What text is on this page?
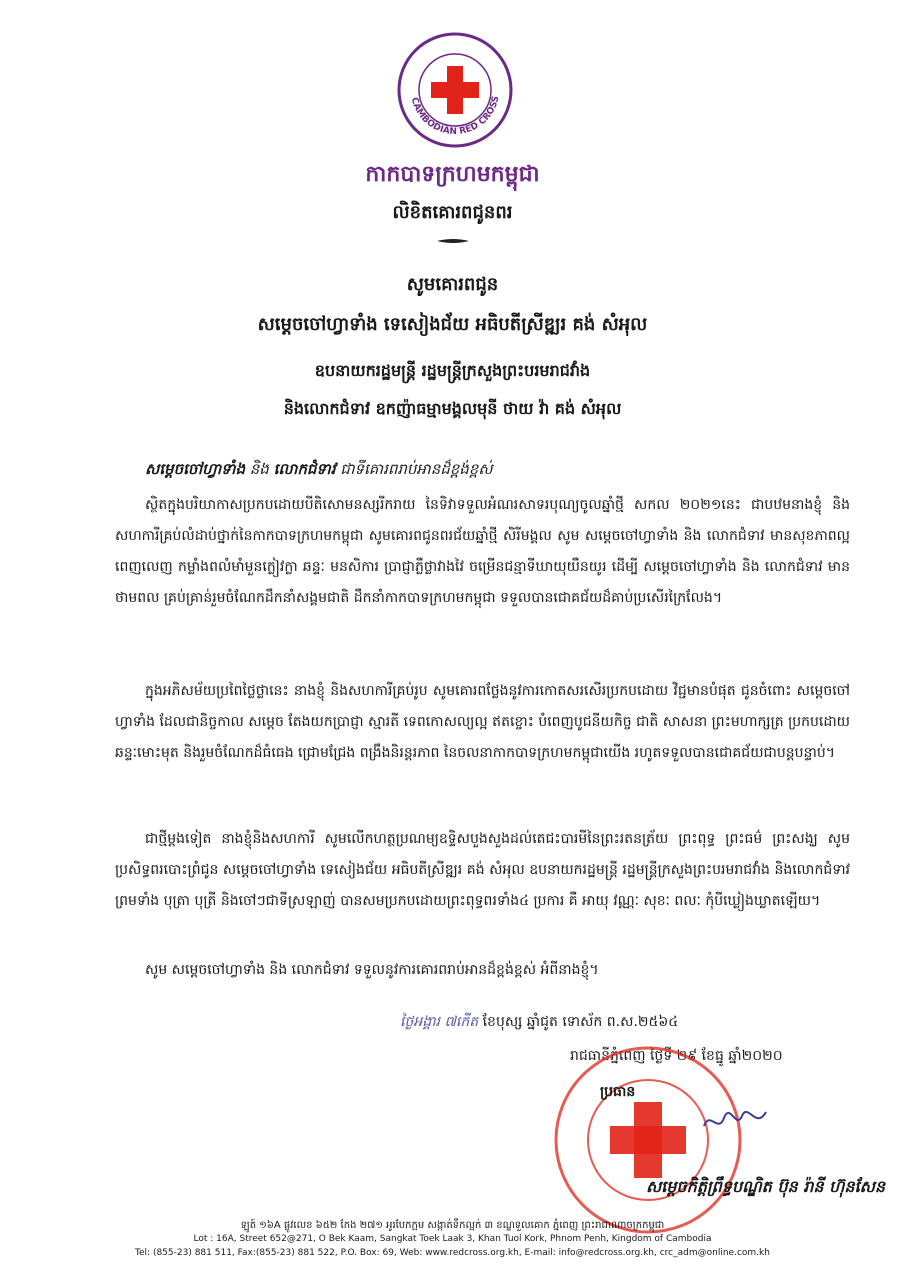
CAMBODIAN RED CROSS
កាកបាទក្រហមកម្ពុជា
លិខិតគោរពជូនពរ
សូមគោរពជូន
សម្តេចចៅហ្វាទាំង ទេសៀងជ័យ អធិបតីស្រីឌ្ឍរ គង់ សំអុល
ឧបនាយករដ្ឋមន្ត្រី រដ្ឋមន្ត្រីក្រសួងព្រះបរមរាជវាំង
និងលោកជំទាវ ឧកញ៉ាធម្មាមង្គលមុនី ថាយ វ៉ា គង់ សំអុល
សម្តេចចៅហ្វាទាំង និង លោកជំទាវ ជាទីគោរពរាប់អានដ៏ខ្ពង់ខ្ពស់

ស្ថិតក្នុងបរិយាកាសប្រកបដោយបីតិសោមនស្សរីករាយ នៃទិវាទទួលអំណរសាទរបុណ្យចូលឆ្នាំថ្មី សកល ២០២១នេះ ជាបឋមនាងខ្ញុំ និងសហការីគ្រប់លំដាប់ថ្នាក់នៃកាកបាទក្រហមកម្ពុជា សូមគោរពជូនពរជ័យឆ្នាំថ្មី សិរីមង្គល សូម សម្តេចចៅហ្វាទាំង និង លោកជំទាវ មានសុខភាពល្អពេញលេញ កម្លាំងពលំមាំមួនក្លៀវក្លា ឆន្ទៈ មនសិការ ប្រាជ្ញាភ្លឺថ្លាវាងវៃ ចម្រើនជន្មាទីឃាយុយឺនយូរ ដើម្បី សម្តេចចៅហ្វាទាំង និង លោកជំទាវ មានថាមពល គ្រប់គ្រាន់រួមចំណែកដឹកនាំសង្គមជាតិ ដឹកនាំកាកបាទក្រហមកម្ពុជា ទទួលបានជោគជ័យដ៏គាប់ប្រសើរក្រៃលែង។

ក្នុងអភិសម័យប្រពៃថ្លៃថ្លានេះ នាងខ្ញុំ និងសហការីគ្រប់រូប សូមគោរពថ្លែងនូវការកោតសរសើរប្រកបដោយ វិជ្ជមានបំផុត ជូនចំពោះ សម្តេចចៅហ្វាទាំង ដែលជានិច្ចកាល សម្តេច តែងយកប្រាជ្ញា ស្មារតី ទេពកោសល្យល្អ ឥតខ្ចោះ បំពេញបូជនីយកិច្ច ជាតិ សាសនា ព្រះមហាក្សត្រ ប្រកបដោយឆន្ទៈមោះមុត និងរួមចំណែកដ៏ធំធេង ជ្រោមជ្រែង ពង្រឹងនិរន្តរភាព នៃចលនាកាកបាទក្រហមកម្ពុជាយើង រហូតទទួលបានជោគជ័យជាបន្តបន្ទាប់។

ជាថ្មីម្តងទៀត នាងខ្ញុំនិងសហការី សូមលើកហត្ថប្រណម្យឧទ្ទិសបួងសួងដល់តេជះបារមីនៃព្រះរតនត្រ័យ ព្រះពុទ្ធ ព្រះធម៌ ព្រះសង្ឃ សូមប្រសិទ្ធពរបោះព្រំជូន សម្តេចចៅហ្វាទាំង ទេសៀងជ័យ អធិបតីស្រីឌ្ឍរ គង់ សំអុល ឧបនាយករដ្ឋមន្ត្រី រដ្ឋមន្ត្រីក្រសួងព្រះបរមរាជវាំង និងលោកជំទាវ ព្រមទាំង បុត្រា បុត្រី និងចៅៗជាទីស្រឡាញ់ បានសមប្រកបដោយព្រះពុទ្ធពរទាំង៤ ប្រការ គឺ អាយុ វណ្ណៈ សុខៈ ពលៈ កុំបីឃ្លៀងឃ្លាតឡើយ។

សូម សម្តេចចៅហ្វាទាំង និង លោកជំទាវ ទទួលនូវការគោរពរាប់អានដ៏ខ្ពង់ខ្ពស់ អំពីនាងខ្ញុំ។
ថ្ងៃអង្គារ ៧កើត ខែបុស្ស ឆ្នាំជូត ទោស័ក ព.ស.២៥៦៤
រាជធានីភ្នំពេញ ថ្ងៃទី ២៩ ខែធ្នូ ឆ្នាំ២០២០
ប្រធាន
សម្តេចកិត្តិព្រឹទ្ធបណ្ឌិត ប៊ុន រ៉ានី ហ៊ុនសែន
ឡូត៍ ១៦A ផ្លូវលេខ ៦៥២ កែង ២៧១ អូរបែកក្អម សង្កាត់ទឹកល្អក់ ៣ ខណ្ឌទួលគោក ភ្នំពេញ ព្រះរាជាណាចក្រកម្ពុជា
Lot : 16A, Street 652@271, O Bek Kaam, Sangkat Toek Laak 3, Khan Tuol Kork, Phnom Penh, Kingdom of Cambodia
Tel: (855-23) 881 511, Fax:(855-23) 881 522, P.O. Box: 69, Web: www.redcross.org.kh, E-mail: info@redcross.org.kh, crc_adm@online.com.kh
